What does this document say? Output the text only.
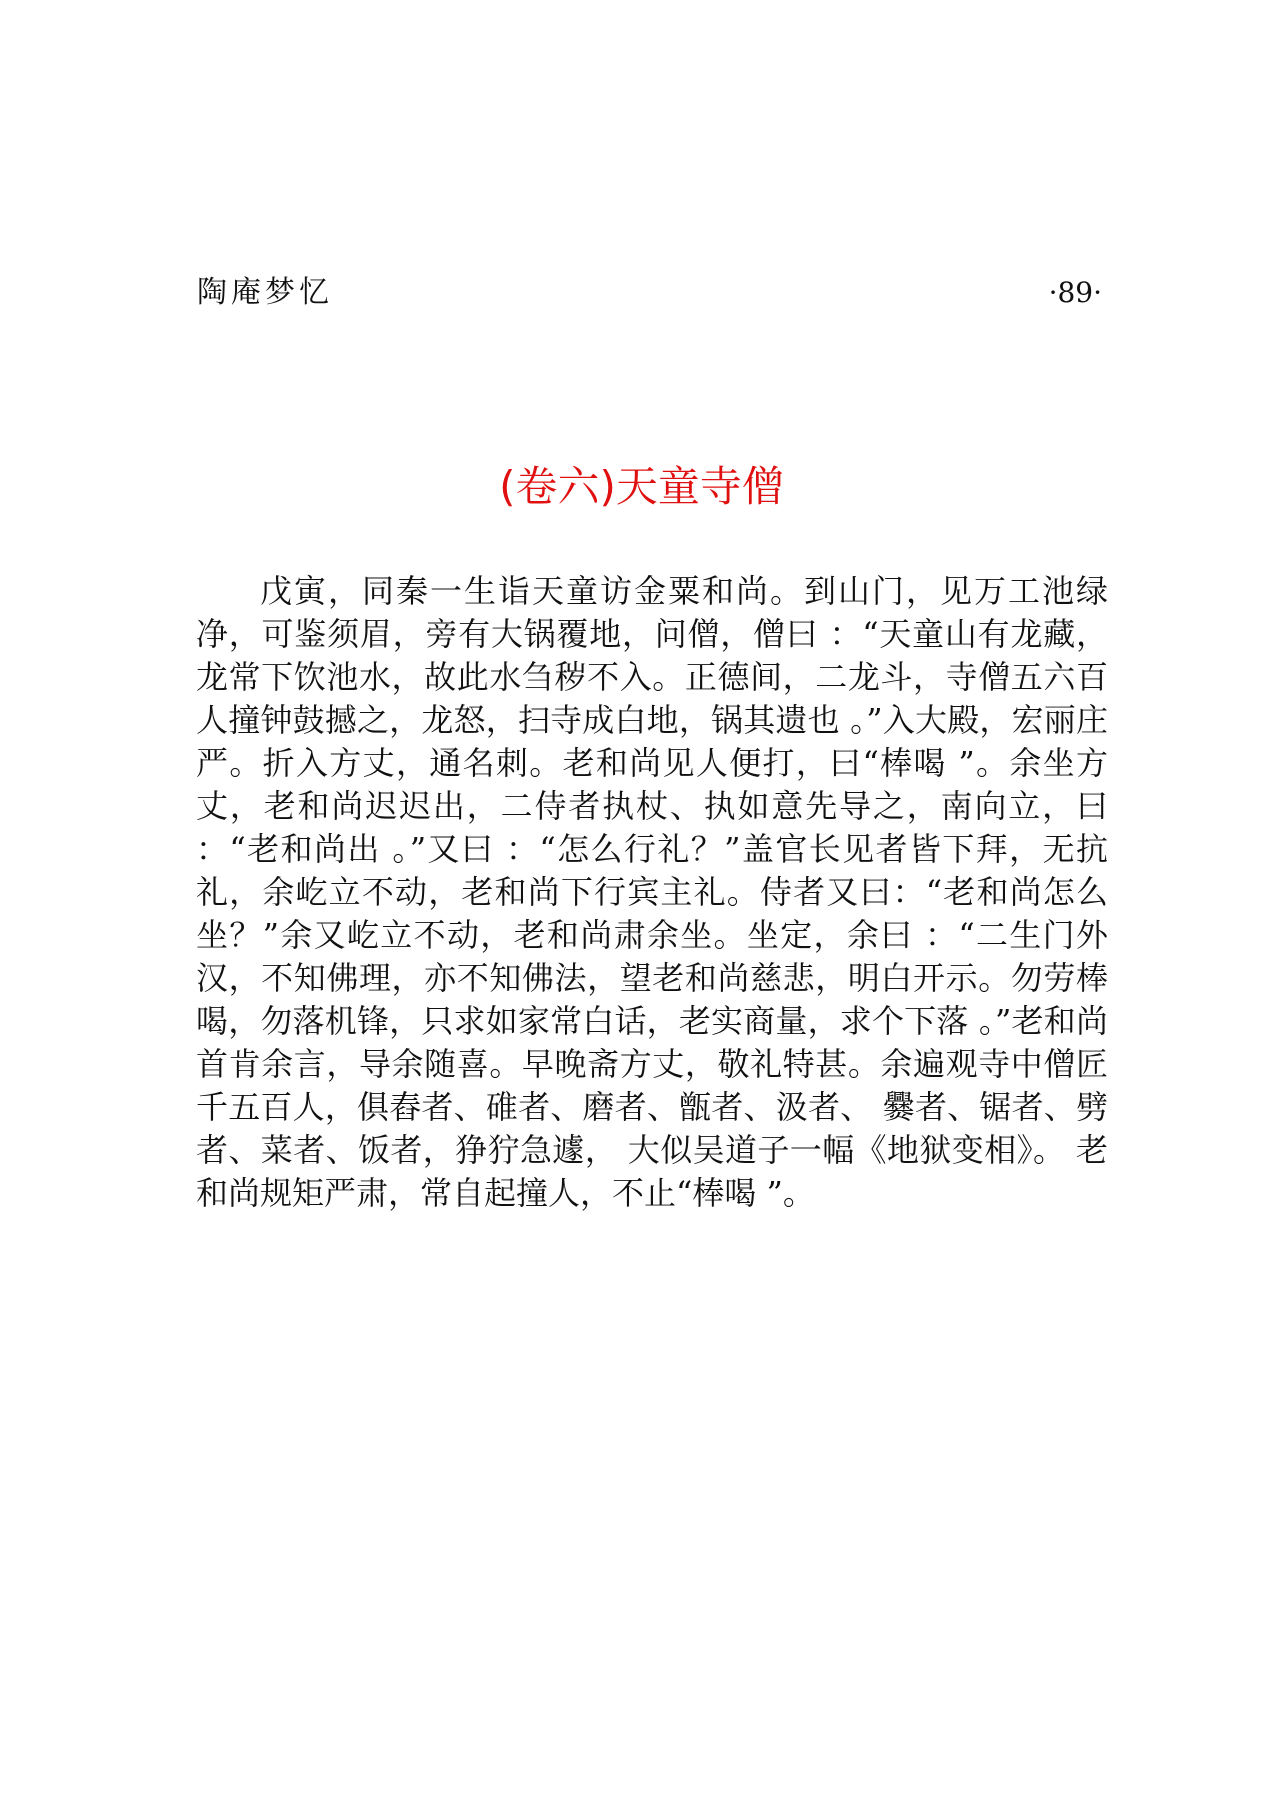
陶庵梦忆	·89·
(卷六)天童寺僧

戊寅，同秦一生诣天童访金粟和尚。到山门，见万工池绿净，可鉴须眉，旁有大锅覆地，问僧，僧曰 ：“天童山有龙藏，龙常下饮池水，故此水刍秽不入。正德间，二龙斗，寺僧五六百人撞钟鼓撼之，龙怒，扫寺成白地，锅其遗也 。”入大殿，宏丽庄严。折入方丈，通名刺。老和尚见人便打，曰“棒喝 ”。余坐方丈，老和尚迟迟出，二侍者执杖、执如意先导之，南向立，曰 ：“老和尚出 。”又曰 ：“怎么行礼？”盖官长见者皆下拜，无抗礼，余屹立不动，老和尚下行宾主礼。侍者又曰：“老和尚怎么坐？”余又屹立不动，老和尚肃余坐。坐定，余曰 ：“二生门外汉，不知佛理，亦不知佛法，望老和尚慈悲，明白开示。勿劳棒喝，勿落机锋，只求如家常白话，老实商量，求个下落 。”老和尚首肯余言，导余随喜。早晚斋方丈，敬礼特甚。余遍观寺中僧匠千五百人，俱舂者、碓者、磨者、甑者、汲者、 爨者、锯者、劈者、菜者、饭者，狰狞急遽， 大似吴道子一幅《地狱变相》。 老和尚规矩严肃，常自起撞人，不止“棒喝 ”。
